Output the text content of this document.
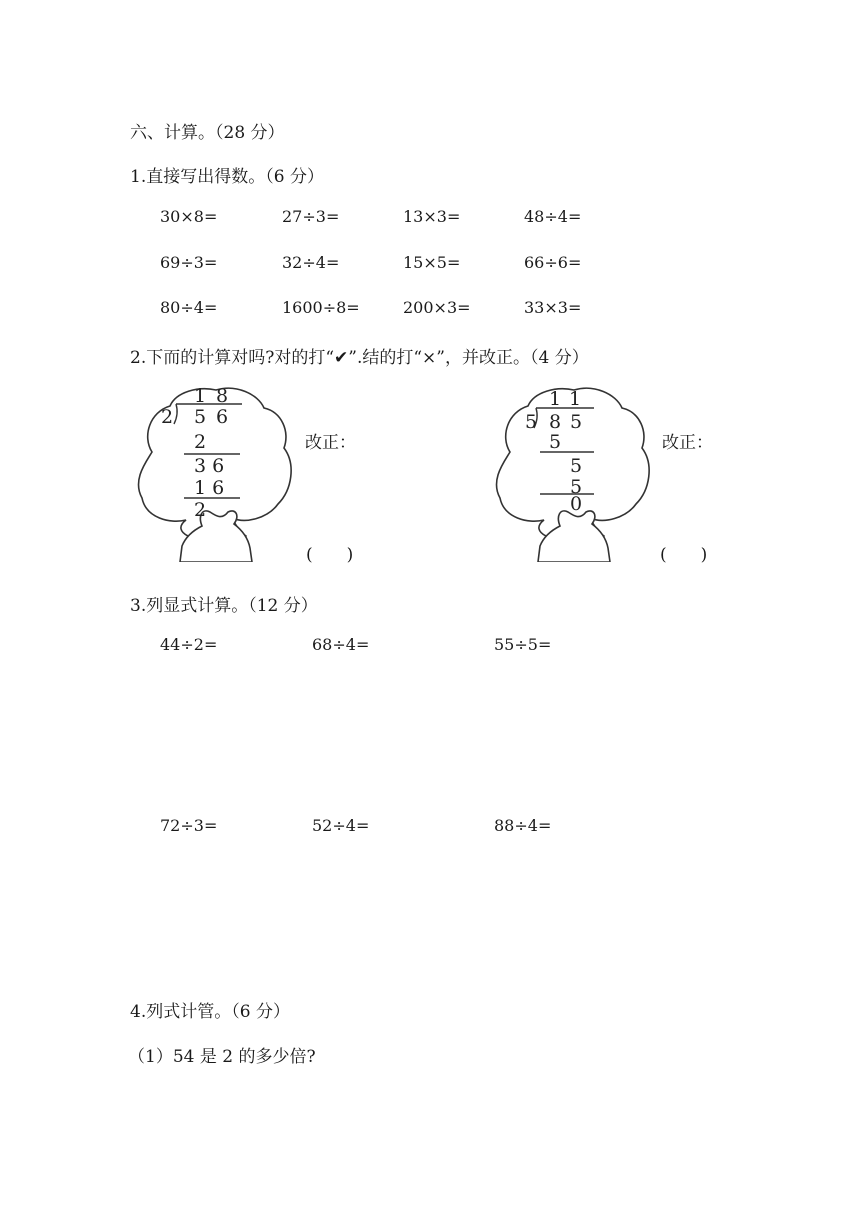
六、计算。（28 分）
1.直接写出得数。（6 分）
30×8=	27÷3=	13×3=	48÷4=
69÷3=	32÷4=	15×5=	66÷6=
80÷4=	1600÷8=	200×3=	33×3=
2.下而的计算对吗?对的打“✔”.结的打“×”，并改正。（4 分）
2
1 8
5 6
2
3 6
1 6
2
改正：
(　　)
5
1 1
8 5
5
5
5
0
改正：
(　　)
3.列显式计算。（12 分）
44÷2=	68÷4=	55÷5=
72÷3=	52÷4=	88÷4=
4.列式计管。（6 分）
（1）54 是 2 的多少倍?
